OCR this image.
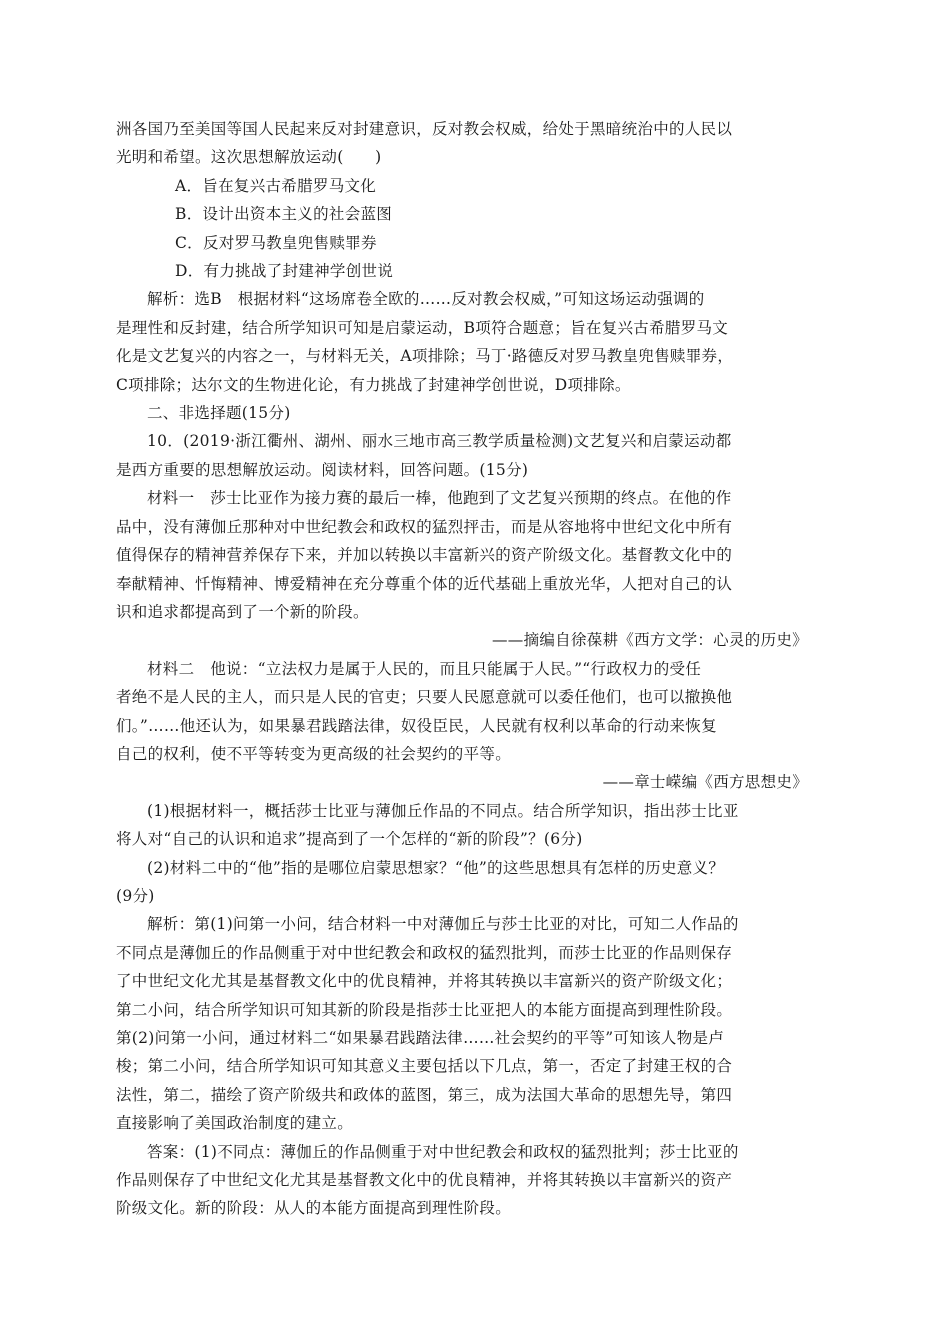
洲各国乃至美国等国人民起来反对封建意识，反对教会权威，给处于黑暗统治中的人民以
光明和希望。这次思想解放运动(　　)

A．旨在复兴古希腊罗马文化

B．设计出资本主义的社会蓝图

C．反对罗马教皇兜售赎罪券

D．有力挑战了封建神学创世说

解析：选B　根据材料“这场席卷全欧的……反对教会权威，”可知这场运动强调的
是理性和反封建，结合所学知识可知是启蒙运动，B项符合题意；旨在复兴古希腊罗马文
化是文艺复兴的内容之一，与材料无关，A项排除；马丁·路德反对罗马教皇兜售赎罪券，
C项排除；达尔文的生物进化论，有力挑战了封建神学创世说，D项排除。

二、非选择题(15分)

10．(2019·浙江衢州、湖州、丽水三地市高三教学质量检测)文艺复兴和启蒙运动都
是西方重要的思想解放运动。阅读材料，回答问题。(15分)

材料一　莎士比亚作为接力赛的最后一棒，他跑到了文艺复兴预期的终点。在他的作
品中，没有薄伽丘那种对中世纪教会和政权的猛烈抨击，而是从容地将中世纪文化中所有
值得保存的精神营养保存下来，并加以转换以丰富新兴的资产阶级文化。基督教文化中的
奉献精神、忏悔精神、博爱精神在充分尊重个体的近代基础上重放光华，人把对自己的认
识和追求都提高到了一个新的阶段。

——摘编自徐葆耕《西方文学：心灵的历史》

材料二　他说：“立法权力是属于人民的，而且只能属于人民。”“行政权力的受任
者绝不是人民的主人，而只是人民的官吏；只要人民愿意就可以委任他们，也可以撤换他
们。”……他还认为，如果暴君践踏法律，奴役臣民，人民就有权利以革命的行动来恢复
自己的权利，使不平等转变为更高级的社会契约的平等。

——章士嵘编《西方思想史》

(1)根据材料一，概括莎士比亚与薄伽丘作品的不同点。结合所学知识，指出莎士比亚
将人对“自己的认识和追求”提高到了一个怎样的“新的阶段”？(6分)

(2)材料二中的“他”指的是哪位启蒙思想家？“他”的这些思想具有怎样的历史意义？
(9分)

解析：第(1)问第一小问，结合材料一中对薄伽丘与莎士比亚的对比，可知二人作品的
不同点是薄伽丘的作品侧重于对中世纪教会和政权的猛烈批判，而莎士比亚的作品则保存
了中世纪文化尤其是基督教文化中的优良精神，并将其转换以丰富新兴的资产阶级文化；
第二小问，结合所学知识可知其新的阶段是指莎士比亚把人的本能方面提高到理性阶段。
第(2)问第一小问，通过材料二“如果暴君践踏法律……社会契约的平等”可知该人物是卢
梭；第二小问，结合所学知识可知其意义主要包括以下几点，第一，否定了封建王权的合
法性，第二，描绘了资产阶级共和政体的蓝图，第三，成为法国大革命的思想先导，第四
直接影响了美国政治制度的建立。

答案：(1)不同点：薄伽丘的作品侧重于对中世纪教会和政权的猛烈批判；莎士比亚的
作品则保存了中世纪文化尤其是基督教文化中的优良精神，并将其转换以丰富新兴的资产
阶级文化。新的阶段：从人的本能方面提高到理性阶段。
